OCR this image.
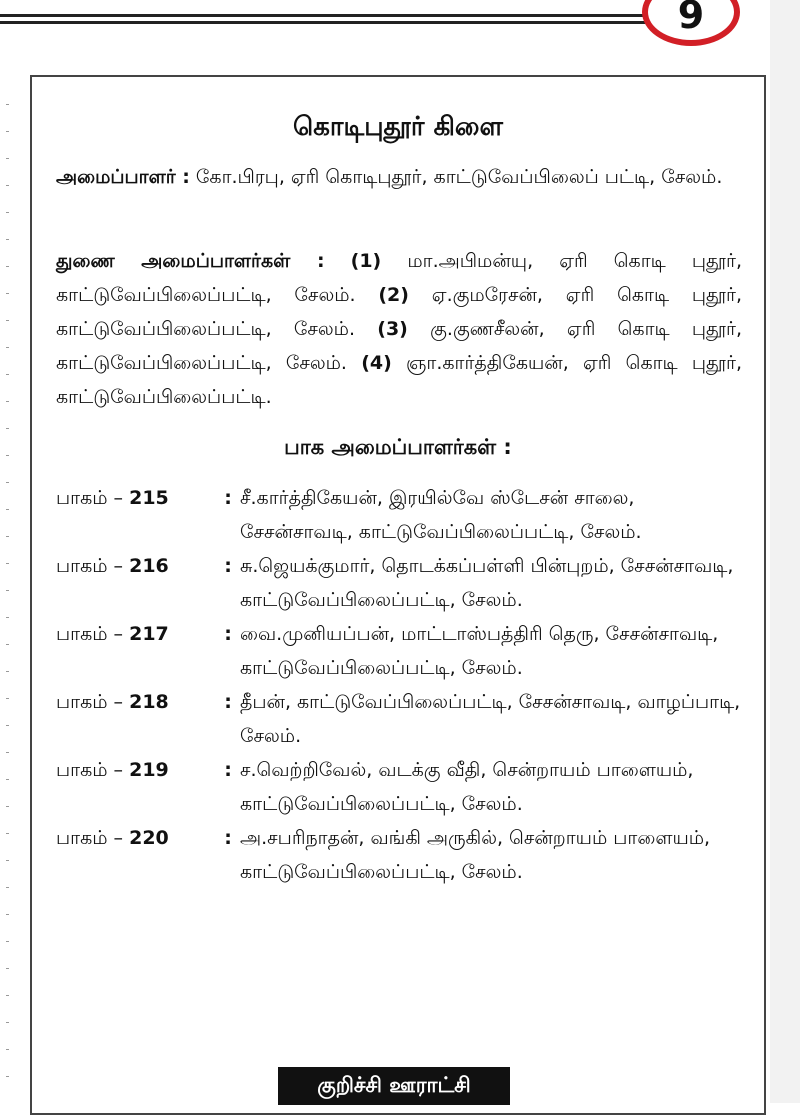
9
கொடிபுதூர் கிளை

அமைப்பாளர் : கோ.பிரபு, ஏரி கொடிபுதூர், காட்டுவேப்பிலைப் பட்டி, சேலம்.

துணை அமைப்பாளர்கள் : (1) மா.அபிமன்யு, ஏரி கொடி புதூர், காட்டுவேப்பிலைப்பட்டி, சேலம். (2) ஏ.குமரேசன், ஏரி கொடி புதூர், காட்டுவேப்பிலைப்பட்டி, சேலம். (3) கு.குணசீலன், ஏரி கொடி புதூர், காட்டுவேப்பிலைப்பட்டி, சேலம். (4) ஞா.கார்த்திகேயன், ஏரி கொடி புதூர், காட்டுவேப்பிலைப்பட்டி.

பாக அமைப்பாளர்கள் :
பாகம் – 215	: சீ.கார்த்திகேயன், இரயில்வே ஸ்டேசன் சாலை, சேசன்சாவடி, காட்டுவேப்பிலைப்பட்டி, சேலம்.
பாகம் – 216	: சு.ஜெயக்குமார், தொடக்கப்பள்ளி பின்புறம், சேசன்சாவடி, காட்டுவேப்பிலைப்பட்டி, சேலம்.
பாகம் – 217	: வை.முனியப்பன், மாட்டாஸ்பத்திரி தெரு, சேசன்சாவடி, காட்டுவேப்பிலைப்பட்டி, சேலம்.
பாகம் – 218	: தீபன், காட்டுவேப்பிலைப்பட்டி, சேசன்சாவடி, வாழப்பாடி, சேலம்.
பாகம் – 219	: ச.வெற்றிவேல், வடக்கு வீதி, சென்றாயம் பாளையம், காட்டுவேப்பிலைப்பட்டி, சேலம்.
பாகம் – 220	: அ.சபரிநாதன், வங்கி அருகில், சென்றாயம் பாளையம், காட்டுவேப்பிலைப்பட்டி, சேலம்.
குறிச்சி ஊராட்சி
